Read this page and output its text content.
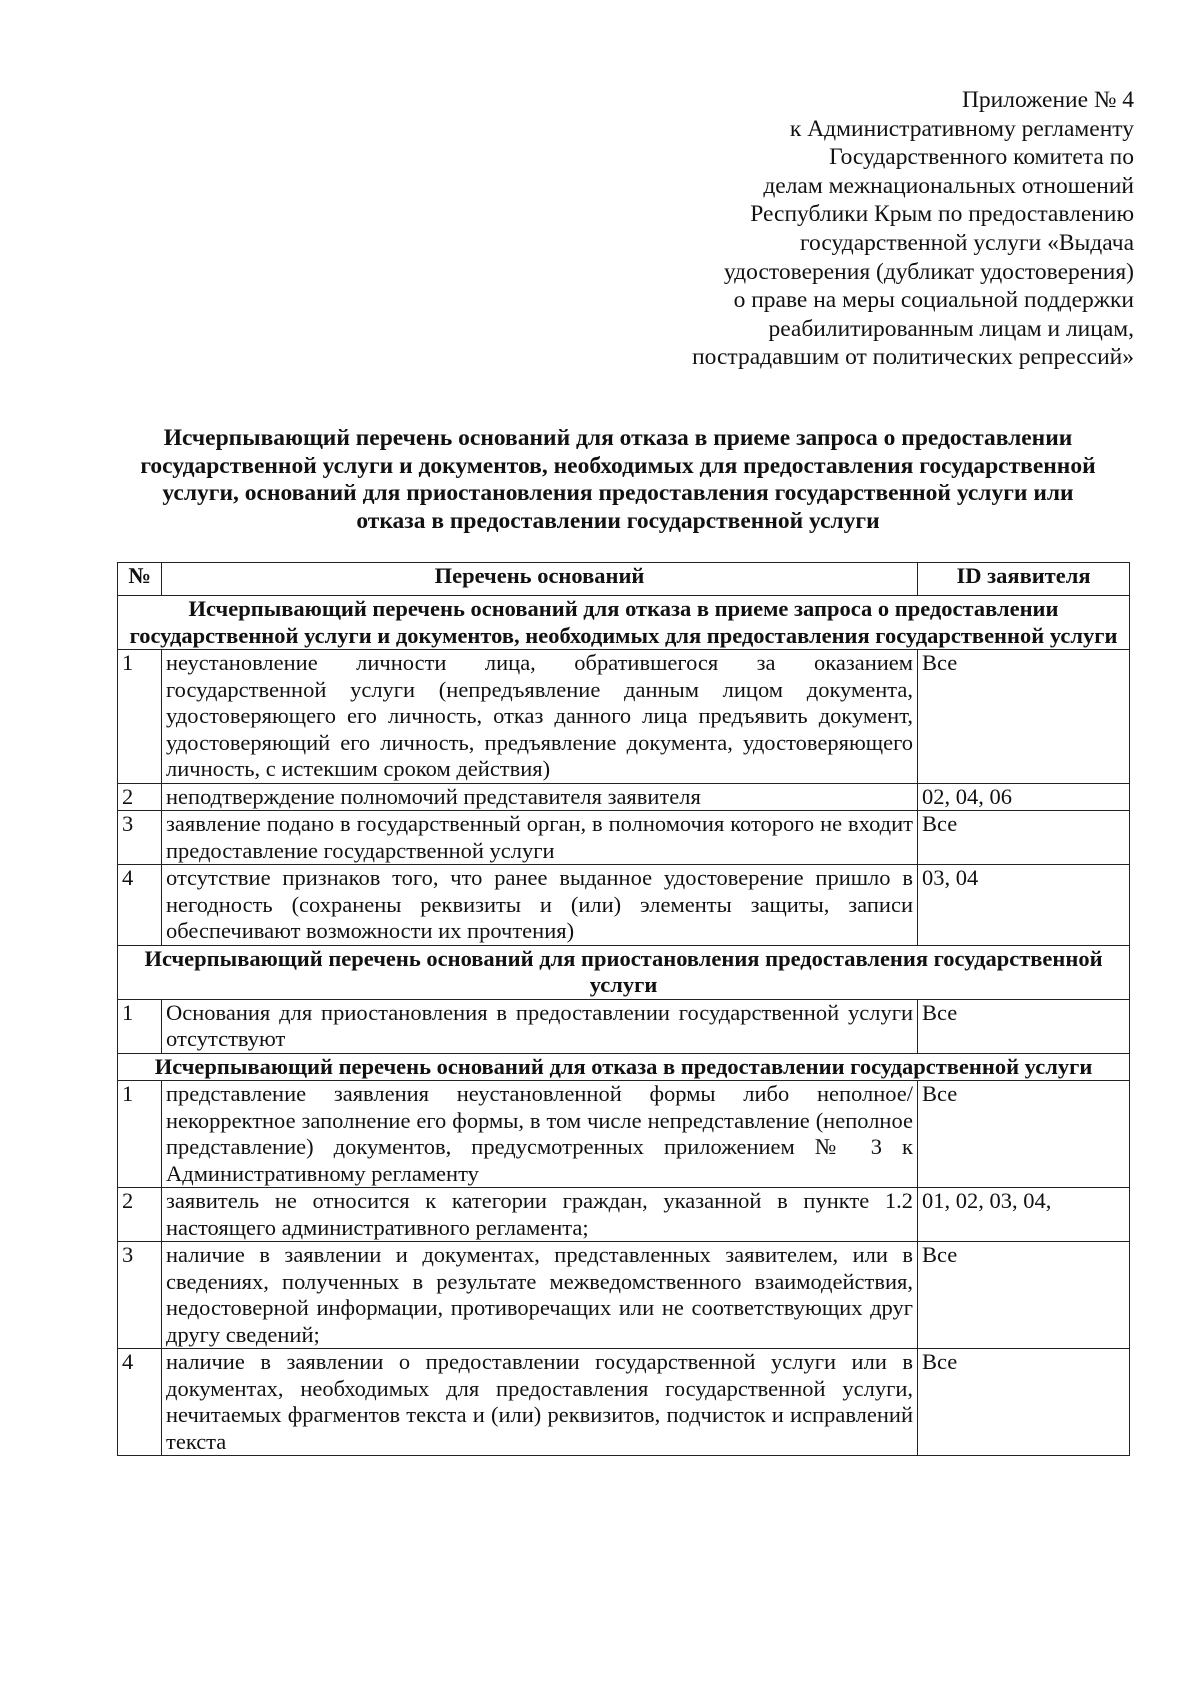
Приложение № 4
к Административному регламенту
Государственного комитета по
делам межнациональных отношений
Республики Крым по предоставлению
государственной услуги «Выдача
удостоверения (дубликат удостоверения)
о праве на меры социальной поддержки
реабилитированным лицам и лицам,
пострадавшим от политических репрессий»
Исчерпывающий перечень оснований для отказа в приеме запроса о предоставлении
государственной услуги и документов, необходимых для предоставления государственной
услуги, оснований для приостановления предоставления государственной услуги или
отказа в предоставлении государственной услуги
№	Перечень оснований	ID заявителя
Исчерпывающий перечень оснований для отказа в приеме запроса о предоставлении государственной услуги и документов, необходимых для предоставления государственной услуги		
1	неустановление личности лица, обратившегося за оказанием государственной услуги (непредъявление данным лицом документа, удостоверяющего его личность, отказ данного лица предъявить документ, удостоверяющий его личность, предъявление документа, удостоверяющего личность, с истекшим сроком действия)	Все
2	неподтверждение полномочий представителя заявителя	02, 04, 06
3	заявление подано в государственный орган, в полномочия которого не входит предоставление государственной услуги	Все
4	отсутствие признаков того, что ранее выданное удостоверение пришло в негодность (сохранены реквизиты и (или) элементы защиты, записи обеспечивают возможности их прочтения)	03, 04
Исчерпывающий перечень оснований для приостановления предоставления государственной услуги		
1	Основания для приостановления в предоставлении государственной услуги отсутствуют	Все
Исчерпывающий перечень оснований для отказа в предоставлении государственной услуги		
1	представление заявления неустановленной формы либо неполное/некорректное заполнение его формы, в том числе непредставление (неполное представление) документов, предусмотренных приложением № 3 к Административному регламенту	Все
2	заявитель не относится к категории граждан, указанной в пункте 1.2 настоящего административного регламента;	01, 02, 03, 04,
3	наличие в заявлении и документах, представленных заявителем, или в сведениях, полученных в результате межведомственного взаимодействия, недостоверной информации, противоречащих или не соответствующих друг другу сведений;	Все
4	наличие в заявлении о предоставлении государственной услуги или в документах, необходимых для предоставления государственной услуги, нечитаемых фрагментов текста и (или) реквизитов, подчисток и исправлений текста	Все
